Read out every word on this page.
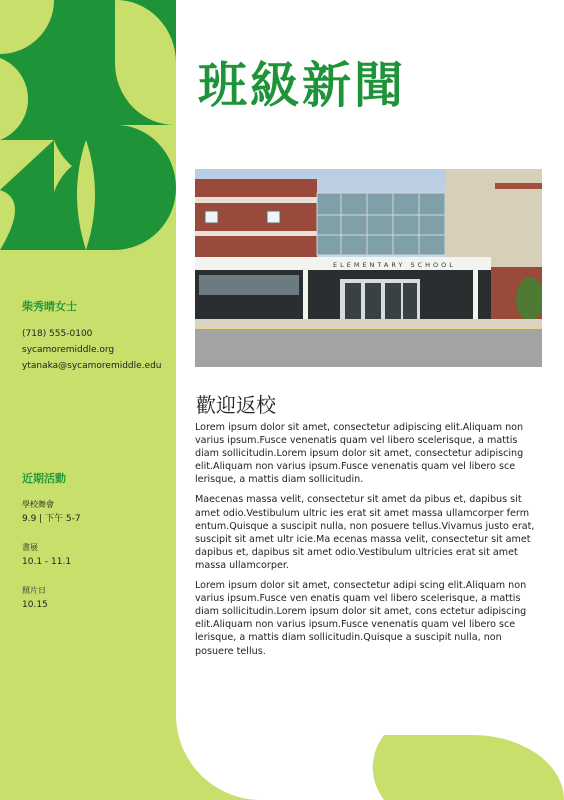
柴秀晴女士
(718) 555-0100
sycamoremiddle.org
ytanaka@sycamoremiddle.edu
近期活動
學校舞會
9.9 | 下午 5-7
書展
10.1 - 11.1
照片日
10.15
班級新聞
ELEMENTARY SCHOOL
歡迎返校

Lorem ipsum dolor sit amet, consectetur adipiscing elit.Aliquam non varius ipsum.Fusce venenatis quam vel libero scelerisque, a mattis diam sollicitudin.Lorem ipsum dolor sit amet, consectetur adipiscing elit.Aliquam non varius ipsum.Fusce venenatis quam vel libero sce lerisque, a mattis diam sollicitudin.

Maecenas massa velit, consectetur sit amet da pibus et, dapibus sit amet odio.Vestibulum ultric ies erat sit amet massa ullamcorper ferm entum.Quisque a suscipit nulla, non posuere tellus.Vivamus justo erat, suscipit sit amet ultr icie.Ma ecenas massa velit, consectetur sit amet dapibus et, dapibus sit amet odio.Vestibulum ultricies erat sit amet massa ullamcorper.

Lorem ipsum dolor sit amet, consectetur adipi scing elit.Aliquam non varius ipsum.Fusce ven enatis quam vel libero scelerisque, a mattis diam sollicitudin.Lorem ipsum dolor sit amet, cons ectetur adipiscing elit.Aliquam non varius ipsum.Fusce venenatis quam vel libero sce lerisque, a mattis diam sollicitudin.Quisque a suscipit nulla, non posuere tellus.
